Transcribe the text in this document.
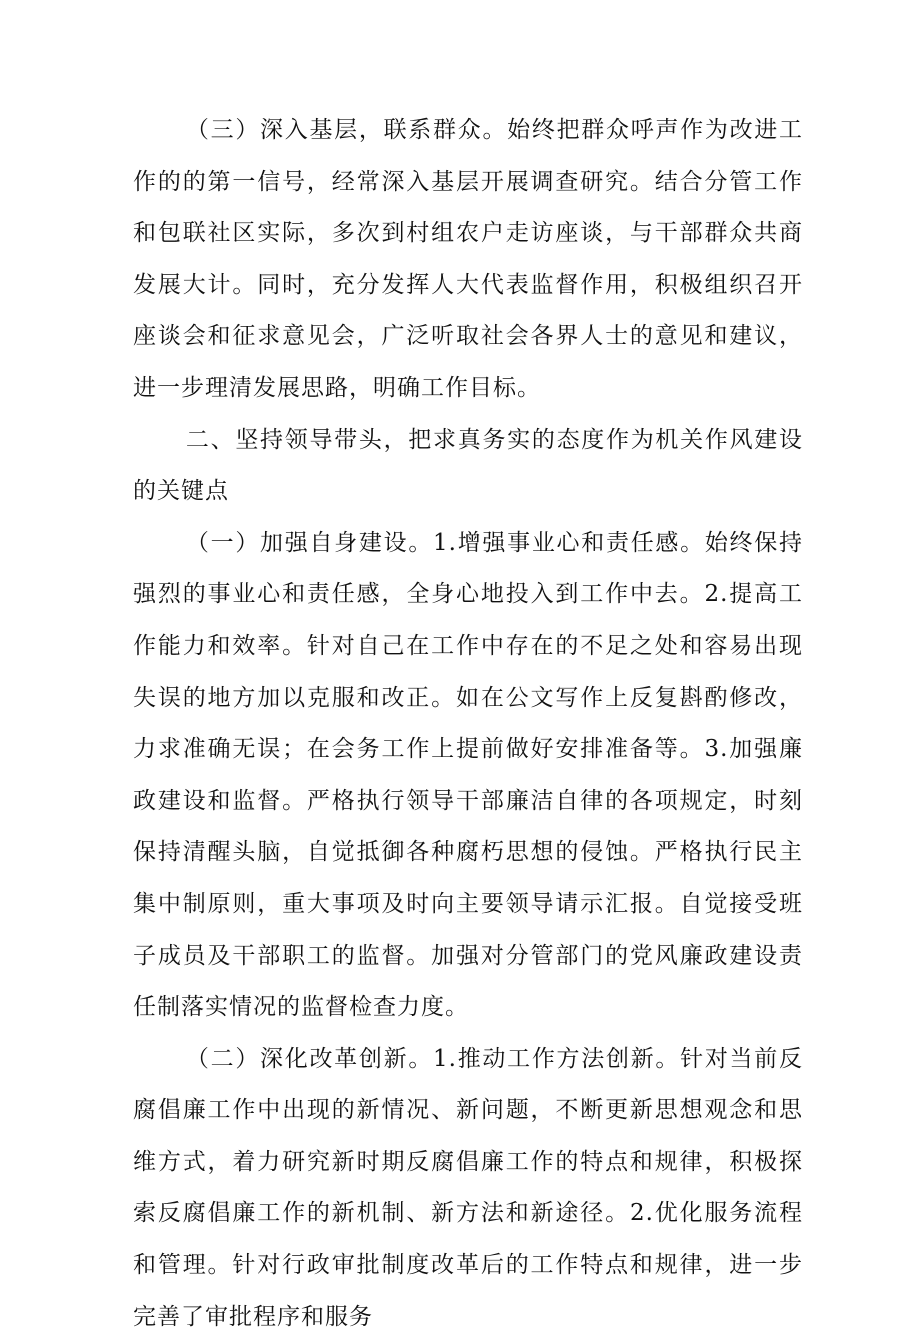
（三）深入基层，联系群众。始终把群众呼声作为改进工作的的第一信号，经常深入基层开展调查研究。结合分管工作和包联社区实际，多次到村组农户走访座谈，与干部群众共商发展大计。同时，充分发挥人大代表监督作用，积极组织召开座谈会和征求意见会，广泛听取社会各界人士的意见和建议，进一步理清发展思路，明确工作目标。

二、坚持领导带头，把求真务实的态度作为机关作风建设的关键点

（一）加强自身建设。1.增强事业心和责任感。始终保持强烈的事业心和责任感，全身心地投入到工作中去。2.提高工作能力和效率。针对自己在工作中存在的不足之处和容易出现失误的地方加以克服和改正。如在公文写作上反复斟酌修改，力求准确无误；在会务工作上提前做好安排准备等。3.加强廉政建设和监督。严格执行领导干部廉洁自律的各项规定，时刻保持清醒头脑，自觉抵御各种腐朽思想的侵蚀。严格执行民主集中制原则，重大事项及时向主要领导请示汇报。自觉接受班子成员及干部职工的监督。加强对分管部门的党风廉政建设责任制落实情况的监督检查力度。

（二）深化改革创新。1.推动工作方法创新。针对当前反腐倡廉工作中出现的新情况、新问题，不断更新思想观念和思维方式，着力研究新时期反腐倡廉工作的特点和规律，积极探索反腐倡廉工作的新机制、新方法和新途径。2.优化服务流程和管理。针对行政审批制度改革后的工作特点和规律，进一步完善了审批程序和服务
